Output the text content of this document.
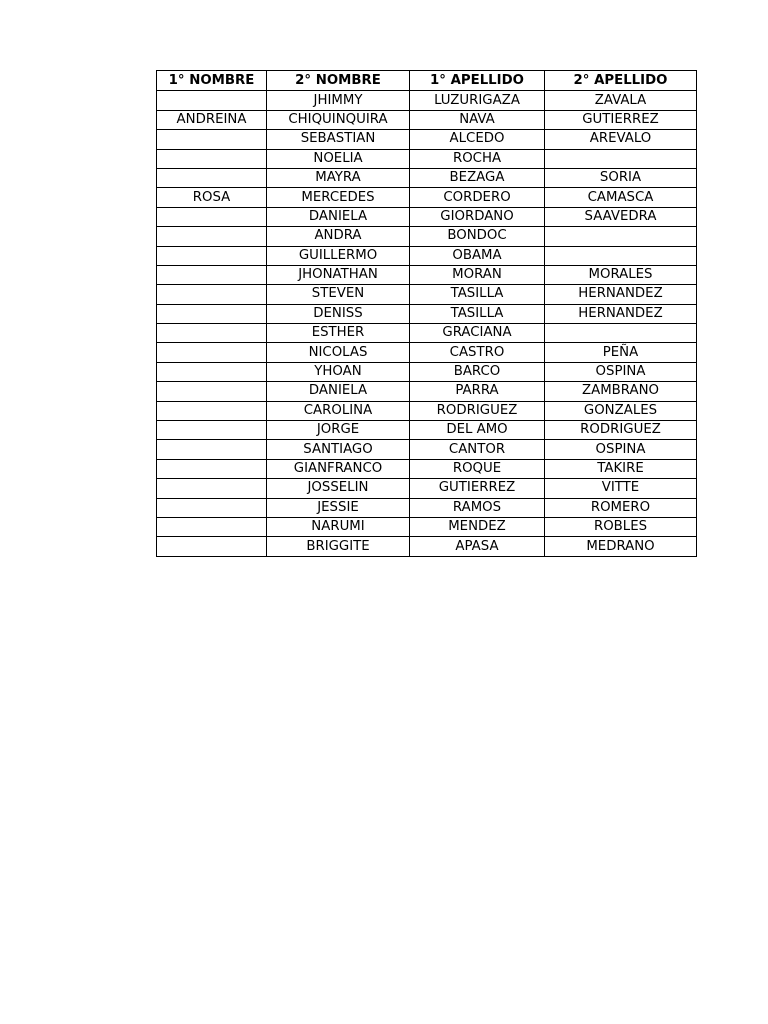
1° NOMBRE	2° NOMBRE	1° APELLIDO	2° APELLIDO
	JHIMMY	LUZURIGAZA	ZAVALA
ANDREINA	CHIQUINQUIRA	NAVA	GUTIERREZ
	SEBASTIAN	ALCEDO	AREVALO
	NOELIA	ROCHA	
	MAYRA	BEZAGA	SORIA
ROSA	MERCEDES	CORDERO	CAMASCA
	DANIELA	GIORDANO	SAAVEDRA
	ANDRA	BONDOC	
	GUILLERMO	OBAMA	
	JHONATHAN	MORAN	MORALES
	STEVEN	TASILLA	HERNANDEZ
	DENISS	TASILLA	HERNANDEZ
	ESTHER	GRACIANA	
	NICOLAS	CASTRO	PEÑA
	YHOAN	BARCO	OSPINA
	DANIELA	PARRA	ZAMBRANO
	CAROLINA	RODRIGUEZ	GONZALES
	JORGE	DEL AMO	RODRIGUEZ
	SANTIAGO	CANTOR	OSPINA
	GIANFRANCO	ROQUE	TAKIRE
	JOSSELIN	GUTIERREZ	VITTE
	JESSIE	RAMOS	ROMERO
	NARUMI	MENDEZ	ROBLES
	BRIGGITE	APASA	MEDRANO
